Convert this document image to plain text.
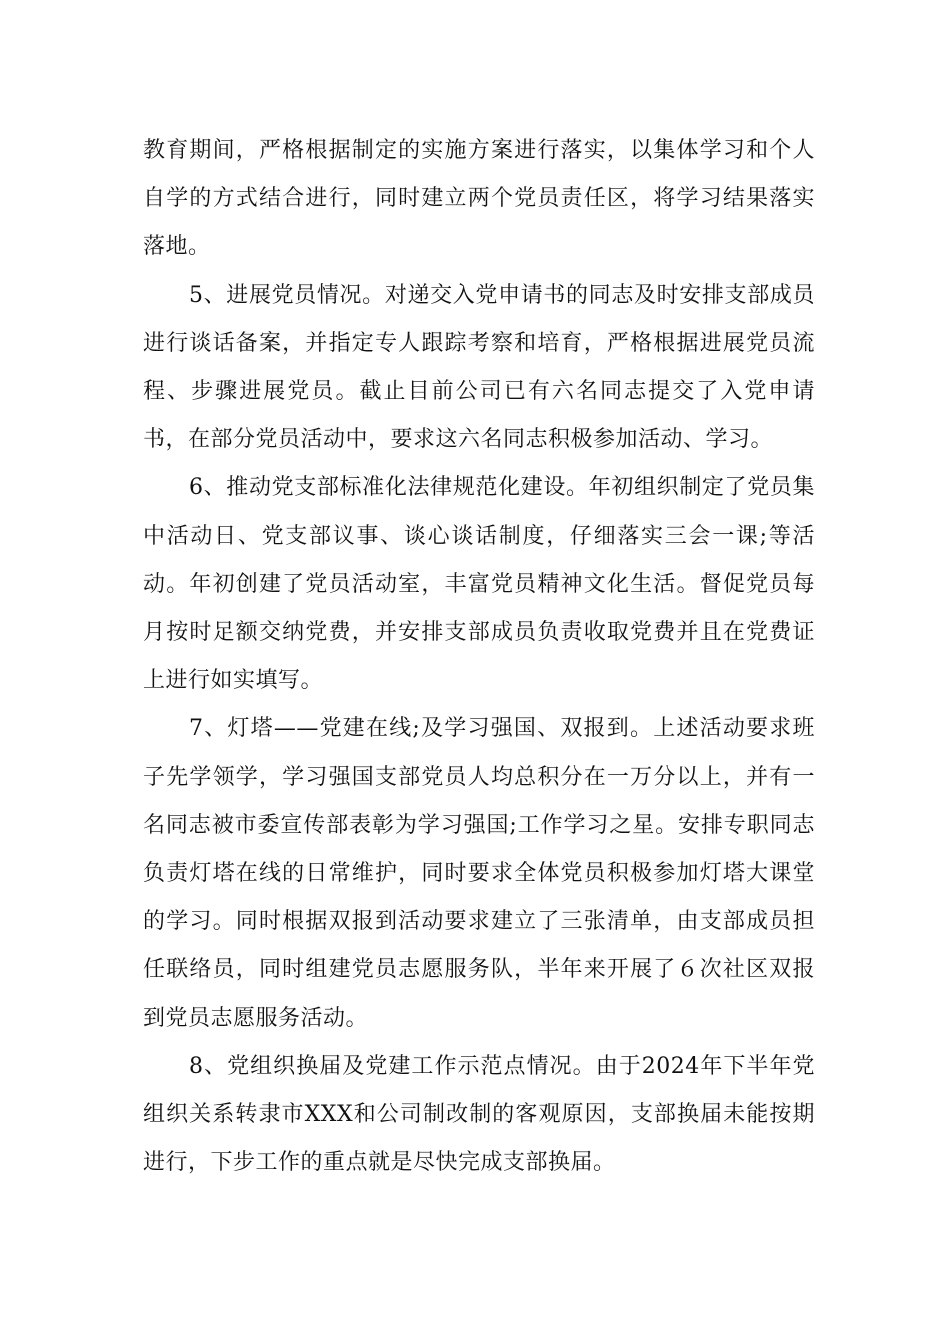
教育期间，严格根据制定的实施方案进行落实，以集体学习和个人自学的方式结合进行，同时建立两个党员责任区，将学习结果落实落地。

5、进展党员情况。对递交入党申请书的同志及时安排支部成员进行谈话备案，并指定专人跟踪考察和培育，严格根据进展党员流程、步骤进展党员。截止目前公司已有六名同志提交了入党申请书，在部分党员活动中，要求这六名同志积极参加活动、学习。

6、推动党支部标准化法律规范化建设。年初组织制定了党员集中活动日、党支部议事、谈心谈话制度，仔细落实三会一课;等活动。年初创建了党员活动室，丰富党员精神文化生活。督促党员每月按时足额交纳党费，并安排支部成员负责收取党费并且在党费证上进行如实填写。

7、灯塔——党建在线;及学习强国、双报到。上述活动要求班子先学领学，学习强国支部党员人均总积分在一万分以上，并有一名同志被市委宣传部表彰为学习强国;工作学习之星。安排专职同志负责灯塔在线的日常维护，同时要求全体党员积极参加灯塔大课堂的学习。同时根据双报到活动要求建立了三张清单，由支部成员担任联络员，同时组建党员志愿服务队，半年来开展了６次社区双报到党员志愿服务活动。

8、党组织换届及党建工作示范点情况。由于2024年下半年党组织关系转隶市XXX和公司制改制的客观原因，支部换届未能按期进行，下步工作的重点就是尽快完成支部换届。
